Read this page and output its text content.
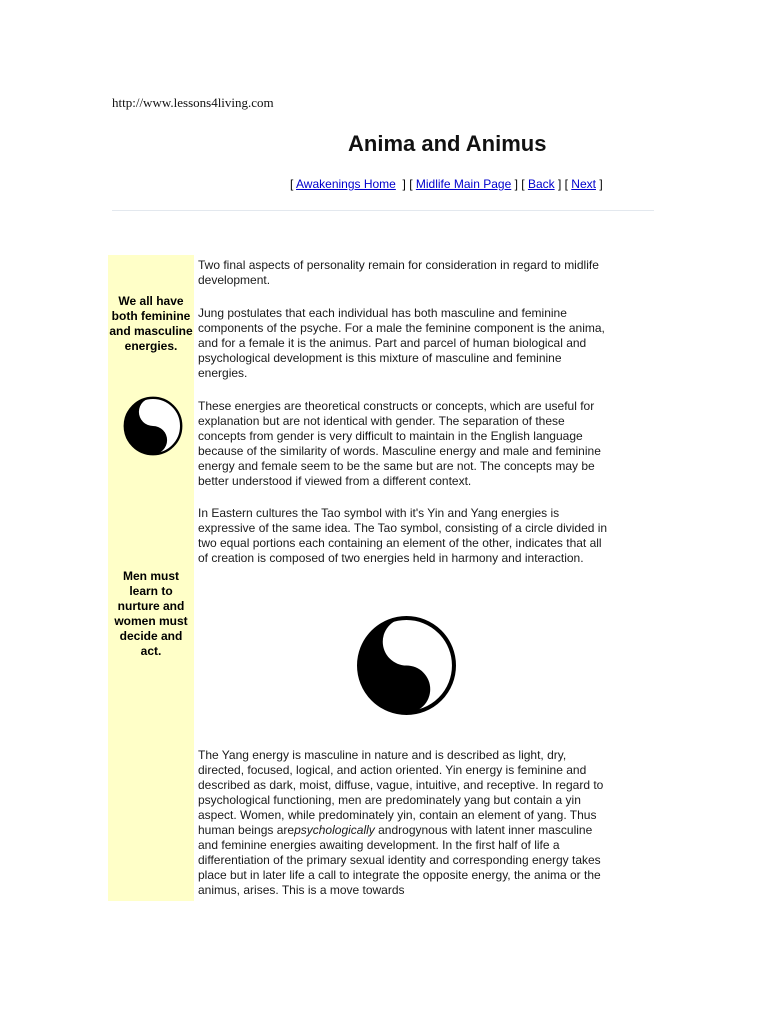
http://www.lessons4living.com
Anima and Animus
[ Awakenings Home  ] [ Midlife Main Page ] [ Back ] [ Next ]
We all have both feminine and masculine energies.
Men must learn to nurture and women must decide and act.

Two final aspects of personality remain for consideration in regard to midlife development.

Jung postulates that each individual has both masculine and feminine components of the psyche. For a male the feminine component is the anima, and for a female it is the animus. Part and parcel of human biological and psychological development is this mixture of masculine and feminine energies.

These energies are theoretical constructs or concepts, which are useful for explanation but are not identical with gender. The separation of these concepts from gender is very difficult to maintain in the English language because of the similarity of words. Masculine energy and male and feminine energy and female seem to be the same but are not. The concepts may be better understood if viewed from a different context.

In Eastern cultures the Tao symbol with it's Yin and Yang energies is expressive of the same idea. The Tao symbol, consisting of a circle divided in two equal portions each containing an element of the other, indicates that all of creation is composed of two energies held in harmony and interaction.

The Yang energy is masculine in nature and is described as light, dry, directed, focused, logical, and action oriented. Yin energy is feminine and described as dark, moist, diffuse, vague, intuitive, and receptive. In regard to psychological functioning, men are predominately yang but contain a yin aspect. Women, while predominately yin, contain an element of yang. Thus human beings arepsychologically androgynous with latent inner masculine and feminine energies awaiting development. In the first half of life a differentiation of the primary sexual identity and corresponding energy takes place but in later life a call to integrate the opposite energy, the anima or the animus, arises. This is a move towards
